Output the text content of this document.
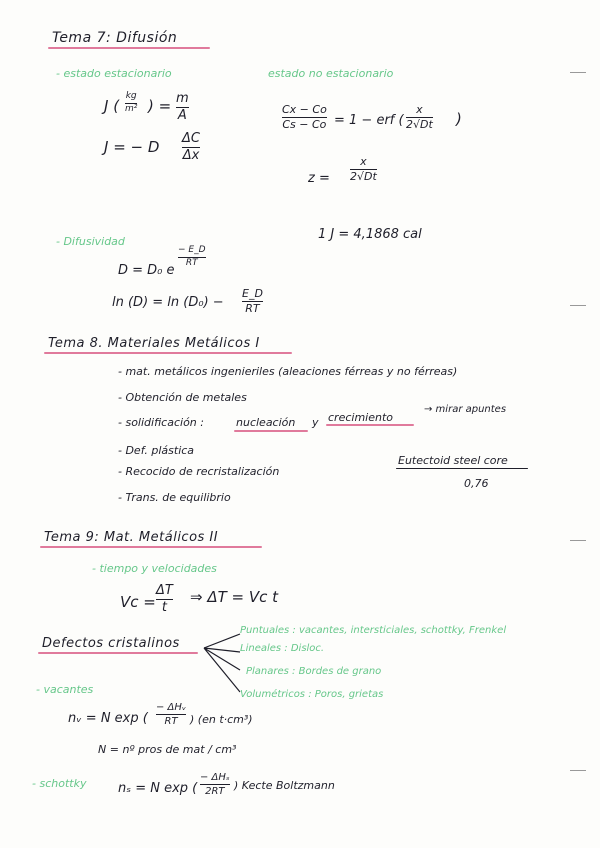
Tema 7: Difusión
- estado estacionario	estado no estacionario
J (
kg
m² ) = m
A
J = − D ΔC
Δx
Cx − Co
Cs − Co = 1 − erf (
x
2√Dt )
z =
x
2√Dt
1 J = 4,1868 cal
- Difusividad
D = D₀ e
− E_D
RT
ln (D) = ln (D₀) −
E_D
RT
Tema 8. Materiales Metálicos I
- mat. metálicos ingenieriles (aleaciones férreas y no férreas)
- Obtención de metales
- solidificación :	nucleación y crecimiento
→ mirar apuntes
- Def. plástica
- Recocido de recristalización
- Trans. de equilibrio
Eutectoid steel core
0,76
Tema 9: Mat. Metálicos II
- tiempo y velocidades
Vc =
ΔT
t
⇒ ΔT = Vc t
Defectos cristalinos
Puntuales : vacantes, intersticiales, schottky, Frenkel
Lineales : Disloc.
Planares : Bordes de grano
Volumétricos : Poros, grietas
- vacantes
nᵥ = N exp (
− ΔHᵥ
RT	) (en t·cm³)
N = nº pros de mat / cm³
- schottky nₛ = N exp (
− ΔHₛ
2RT ) Kecte Boltzmann
